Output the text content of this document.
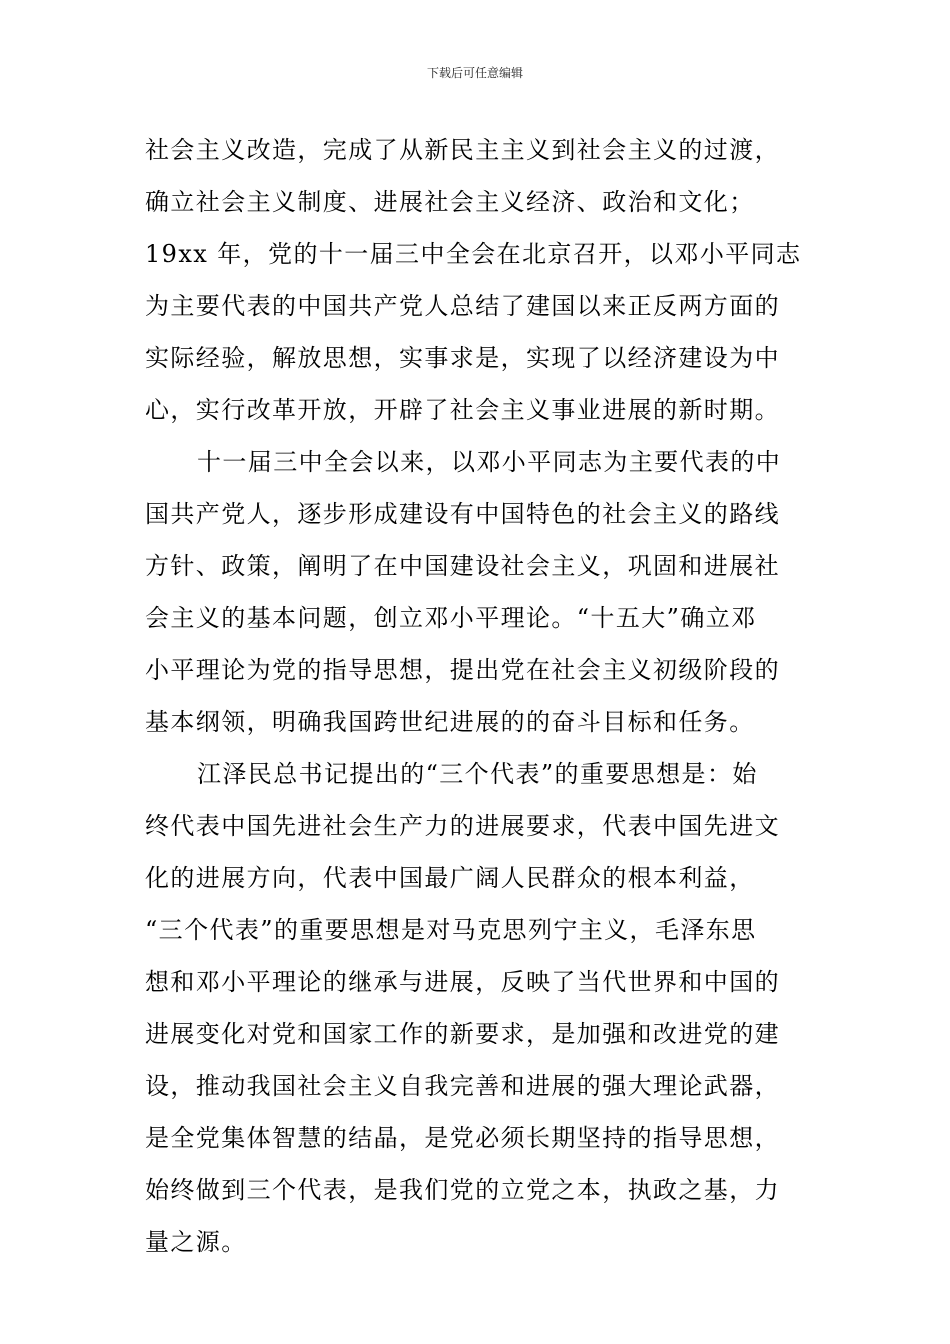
下载后可任意编辑
社会主义改造，完成了从新民主主义到社会主义的过渡，
确立社会主义制度、进展社会主义经济、政治和文化；
19xx 年，党的十一届三中全会在北京召开，以邓小平同志
为主要代表的中国共产党人总结了建国以来正反两方面的
实际经验，解放思想，实事求是，实现了以经济建设为中
心，实行改革开放，开辟了社会主义事业进展的新时期。
十一届三中全会以来，以邓小平同志为主要代表的中
国共产党人，逐步形成建设有中国特色的社会主义的路线
方针、政策，阐明了在中国建设社会主义，巩固和进展社
会主义的基本问题，创立邓小平理论。“十五大”确立邓
小平理论为党的指导思想，提出党在社会主义初级阶段的
基本纲领，明确我国跨世纪进展的的奋斗目标和任务。
江泽民总书记提出的“三个代表”的重要思想是：始
终代表中国先进社会生产力的进展要求，代表中国先进文
化的进展方向，代表中国最广阔人民群众的根本利益，
“三个代表”的重要思想是对马克思列宁主义，毛泽东思
想和邓小平理论的继承与进展，反映了当代世界和中国的
进展变化对党和国家工作的新要求，是加强和改进党的建
设，推动我国社会主义自我完善和进展的强大理论武器，
是全党集体智慧的结晶，是党必须长期坚持的指导思想，
始终做到三个代表，是我们党的立党之本，执政之基，力
量之源。
